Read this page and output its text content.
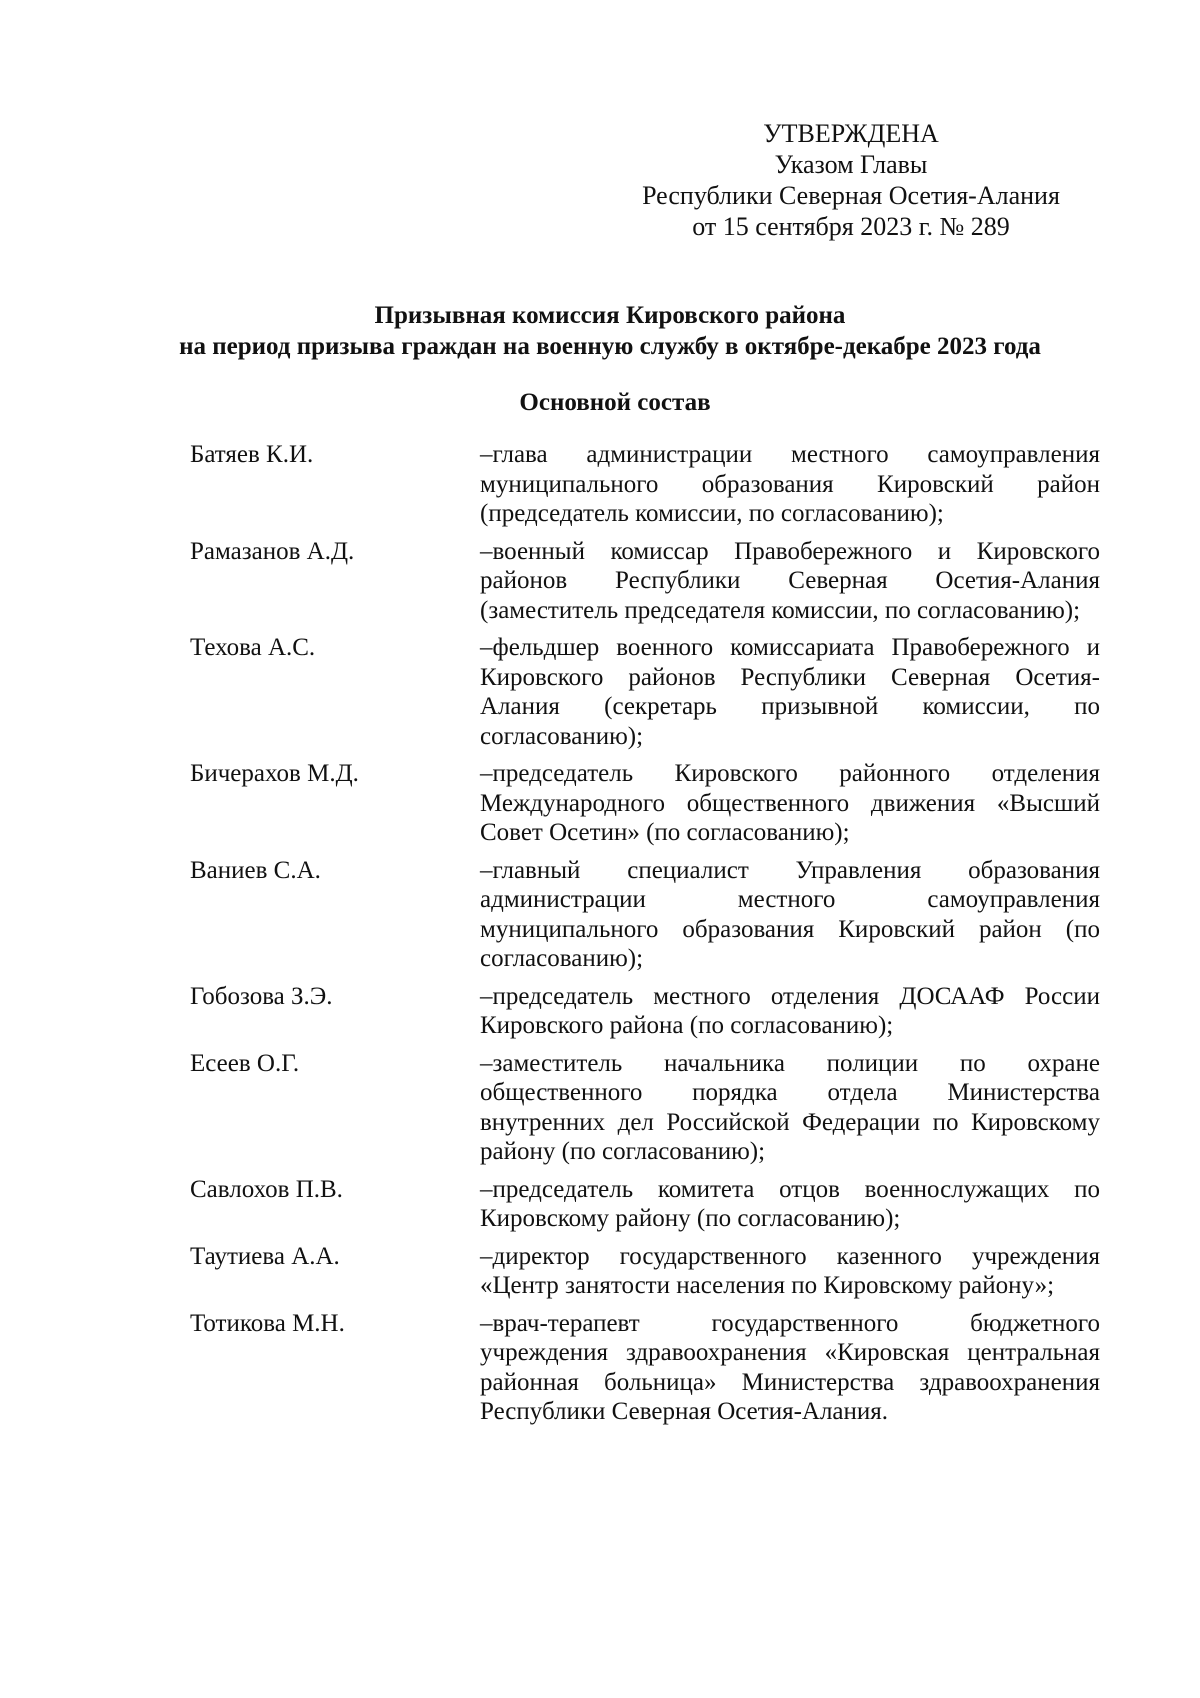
УТВЕРЖДЕНА
Указом Главы
Республики Северная Осетия-Алания
от 15 сентября 2023 г. № 289
Призывная комиссия Кировского района
на период призыва граждан на военную службу в октябре-декабре 2023 года
Основной состав
Батяев К.И.	–глава администрации местного самоуправления муниципального образования Кировский район (председатель комиссии, по согласованию);
Рамазанов А.Д.	–военный комиссар Правобережного и Кировского районов Республики Северная Осетия-Алания (заместитель председателя комиссии, по согласованию);
Техова А.С.	–фельдшер военного комиссариата Правобережного и Кировского районов Республики Северная Осетия-Алания (секретарь призывной комиссии, по согласованию);
Бичерахов М.Д.	–председатель Кировского районного отделения Международного общественного движения «Высший Совет Осетин» (по согласованию);
Ваниев С.А.	–главный специалист Управления образования администрации местного самоуправления муниципального образования Кировский район (по согласованию);
Гобозова З.Э.	–председатель местного отделения ДОСААФ России Кировского района (по согласованию);
Есеев О.Г.	–заместитель начальника полиции по охране общественного порядка отдела Министерства внутренних дел Российской Федерации по Кировскому району (по согласованию);
Савлохов П.В.	–председатель комитета отцов военнослужащих по Кировскому району (по согласованию);
Таутиева А.А.	–директор государственного казенного учреждения «Центр занятости населения по Кировскому району»;
Тотикова М.Н.	–врач-терапевт государственного бюджетного учреждения здравоохранения «Кировская центральная районная больница» Министерства здравоохранения Республики Северная Осетия-Алания.
